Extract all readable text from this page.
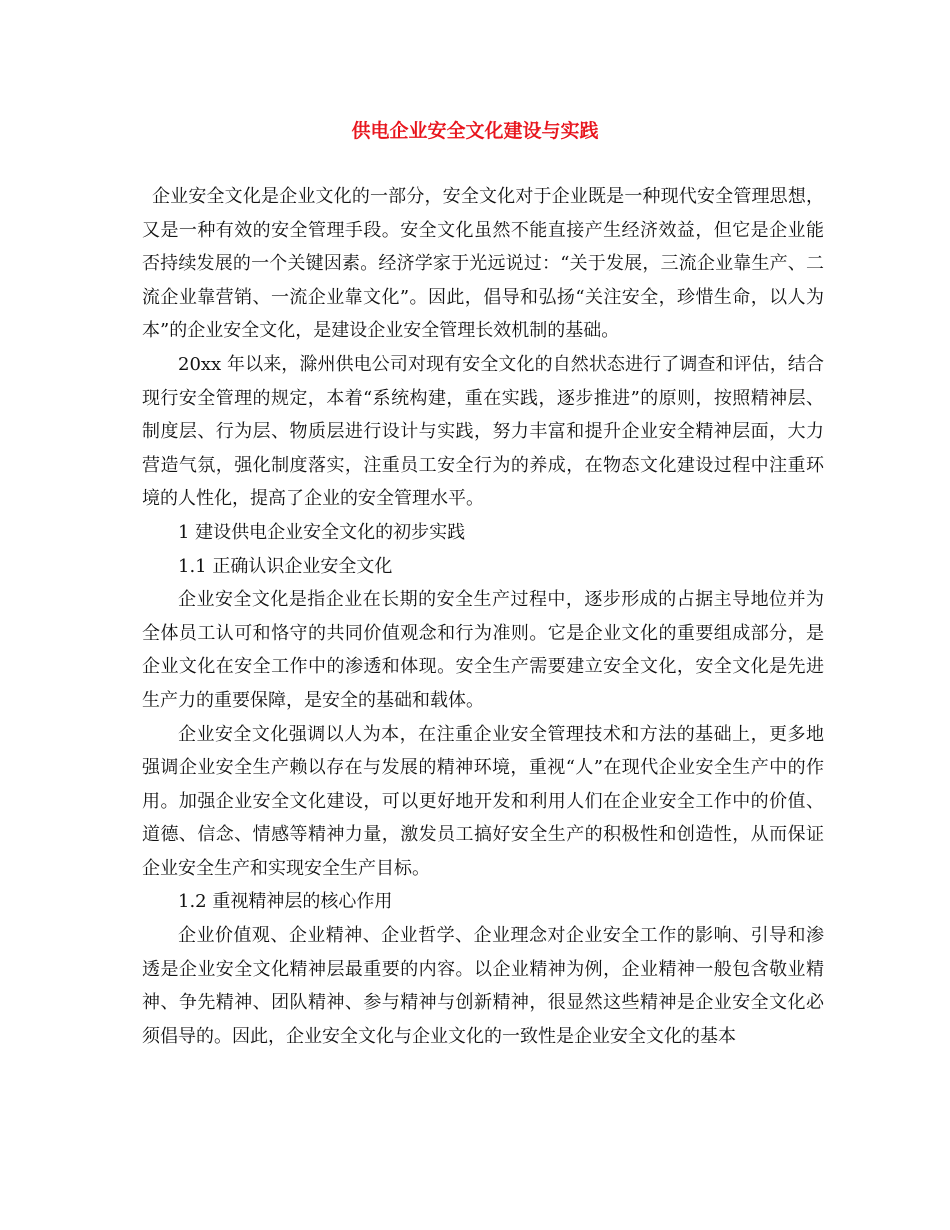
供电企业安全文化建设与实践

企业安全文化是企业文化的一部分，安全文化对于企业既是一种现代安全管理思想，又是一种有效的安全管理手段。安全文化虽然不能直接产生经济效益，但它是企业能否持续发展的一个关键因素。经济学家于光远说过：“关于发展，三流企业靠生产、二流企业靠营销、一流企业靠文化”。因此，倡导和弘扬“关注安全，珍惜生命，以人为本”的企业安全文化，是建设企业安全管理长效机制的基础。

20xx 年以来，滁州供电公司对现有安全文化的自然状态进行了调查和评估，结合现行安全管理的规定，本着“系统构建，重在实践，逐步推进”的原则，按照精神层、制度层、行为层、物质层进行设计与实践，努力丰富和提升企业安全精神层面，大力营造气氛，强化制度落实，注重员工安全行为的养成，在物态文化建设过程中注重环境的人性化，提高了企业的安全管理水平。

1 建设供电企业安全文化的初步实践

1.1 正确认识企业安全文化

企业安全文化是指企业在长期的安全生产过程中，逐步形成的占据主导地位并为全体员工认可和恪守的共同价值观念和行为准则。它是企业文化的重要组成部分，是企业文化在安全工作中的渗透和体现。安全生产需要建立安全文化，安全文化是先进生产力的重要保障，是安全的基础和载体。

企业安全文化强调以人为本，在注重企业安全管理技术和方法的基础上，更多地强调企业安全生产赖以存在与发展的精神环境，重视“人”在现代企业安全生产中的作用。加强企业安全文化建设，可以更好地开发和利用人们在企业安全工作中的价值、道德、信念、情感等精神力量，激发员工搞好安全生产的积极性和创造性，从而保证企业安全生产和实现安全生产目标。

1.2 重视精神层的核心作用

企业价值观、企业精神、企业哲学、企业理念对企业安全工作的影响、引导和渗透是企业安全文化精神层最重要的内容。以企业精神为例，企业精神一般包含敬业精神、争先精神、团队精神、参与精神与创新精神，很显然这些精神是企业安全文化必须倡导的。因此，企业安全文化与企业文化的一致性是企业安全文化的基本
